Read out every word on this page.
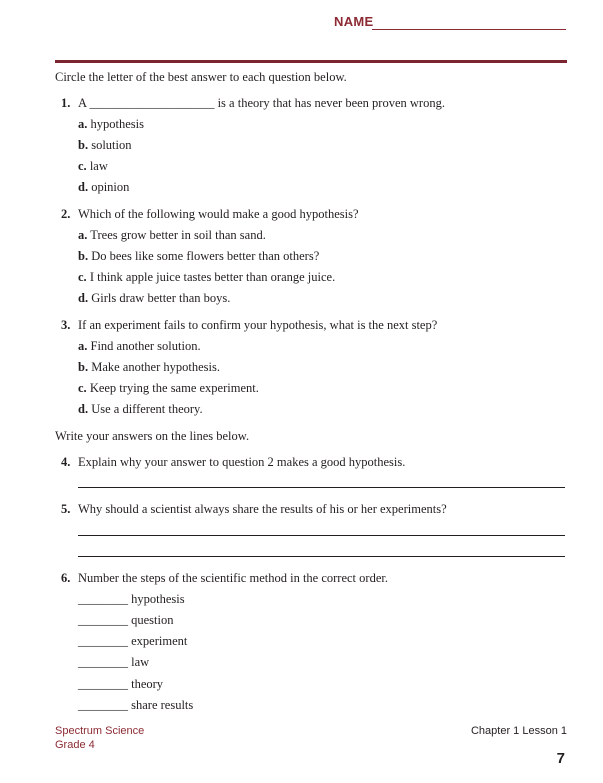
NAME
Circle the letter of the best answer to each question below.
1. A ____________________ is a theory that has never been proven wrong.
a. hypothesis
b. solution
c. law
d. opinion
2. Which of the following would make a good hypothesis?
a. Trees grow better in soil than sand.
b. Do bees like some flowers better than others?
c. I think apple juice tastes better than orange juice.
d. Girls draw better than boys.
3. If an experiment fails to confirm your hypothesis, what is the next step?
a. Find another solution.
b. Make another hypothesis.
c. Keep trying the same experiment.
d. Use a different theory.
Write your answers on the lines below.
4. Explain why your answer to question 2 makes a good hypothesis.
5. Why should a scientist always share the results of his or her experiments?
6. Number the steps of the scientific method in the correct order.
________ hypothesis
________ question
________ experiment
________ law
________ theory
________ share results
Spectrum Science
Grade 4
Chapter 1 Lesson 1
7
